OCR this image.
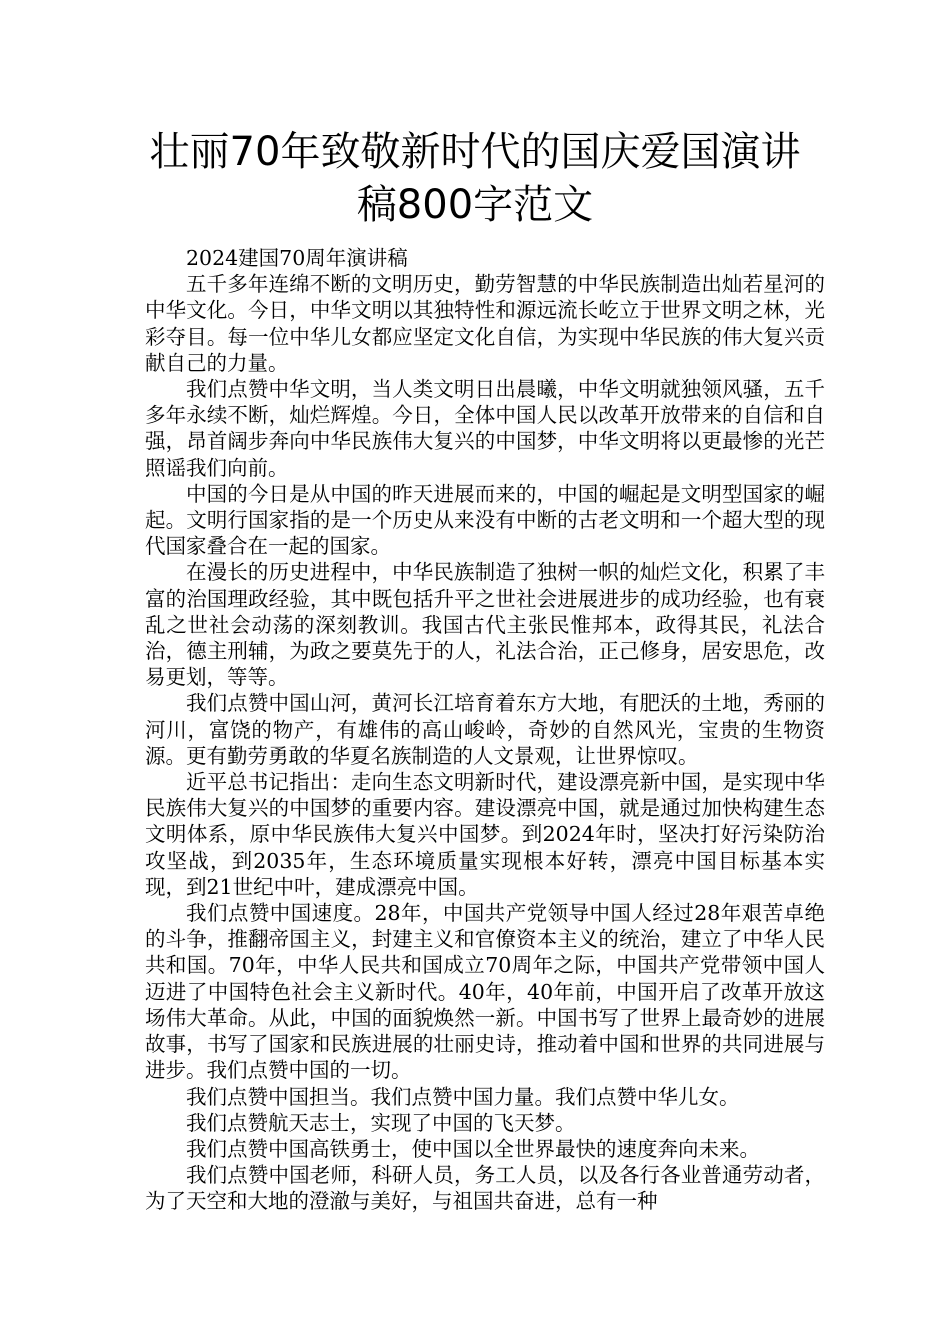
壮丽70年致敬新时代的国庆爱国演讲
稿800字范文

2024建国70周年演讲稿

五千多年连绵不断的文明历史，勤劳智慧的中华民族制造出灿若星河的中华文化。今日，中华文明以其独特性和源远流长屹立于世界文明之林，光彩夺目。每一位中华儿女都应坚定文化自信，为实现中华民族的伟大复兴贡献自己的力量。

我们点赞中华文明，当人类文明日出晨曦，中华文明就独领风骚，五千多年永续不断，灿烂辉煌。今日，全体中国人民以改革开放带来的自信和自强，昂首阔步奔向中华民族伟大复兴的中国梦，中华文明将以更最惨的光芒照谣我们向前。

中国的今日是从中国的昨天进展而来的，中国的崛起是文明型国家的崛起。文明行国家指的是一个历史从来没有中断的古老文明和一个超大型的现代国家叠合在一起的国家。

在漫长的历史进程中，中华民族制造了独树一帜的灿烂文化，积累了丰富的治国理政经验，其中既包括升平之世社会进展进步的成功经验，也有衰乱之世社会动荡的深刻教训。我国古代主张民惟邦本，政得其民，礼法合治，德主刑辅，为政之要莫先于的人，礼法合治，正己修身，居安思危，改易更划，等等。

我们点赞中国山河，黄河长江培育着东方大地，有肥沃的土地，秀丽的河川，富饶的物产，有雄伟的高山峻岭，奇妙的自然风光，宝贵的生物资源。更有勤劳勇敢的华夏名族制造的人文景观，让世界惊叹。

近平总书记指出：走向生态文明新时代，建设漂亮新中国，是实现中华民族伟大复兴的中国梦的重要内容。建设漂亮中国，就是通过加快构建生态文明体系，原中华民族伟大复兴中国梦。到2024年时，坚决打好污染防治攻坚战，到2035年，生态环境质量实现根本好转，漂亮中国目标基本实现，到21世纪中叶，建成漂亮中国。

我们点赞中国速度。28年，中国共产党领导中国人经过28年艰苦卓绝的斗争，推翻帝国主义，封建主义和官僚资本主义的统治，建立了中华人民共和国。70年，中华人民共和国成立70周年之际，中国共产党带领中国人迈进了中国特色社会主义新时代。40年，40年前，中国开启了改革开放这场伟大革命。从此，中国的面貌焕然一新。中国书写了世界上最奇妙的进展故事，书写了国家和民族进展的壮丽史诗，推动着中国和世界的共同进展与进步。我们点赞中国的一切。

我们点赞中国担当。我们点赞中国力量。我们点赞中华儿女。

我们点赞航天志士，实现了中国的飞天梦。

我们点赞中国高铁勇士，使中国以全世界最快的速度奔向未来。

我们点赞中国老师，科研人员，务工人员，以及各行各业普通劳动者，为了天空和大地的澄澈与美好，与祖国共奋进，总有一种
